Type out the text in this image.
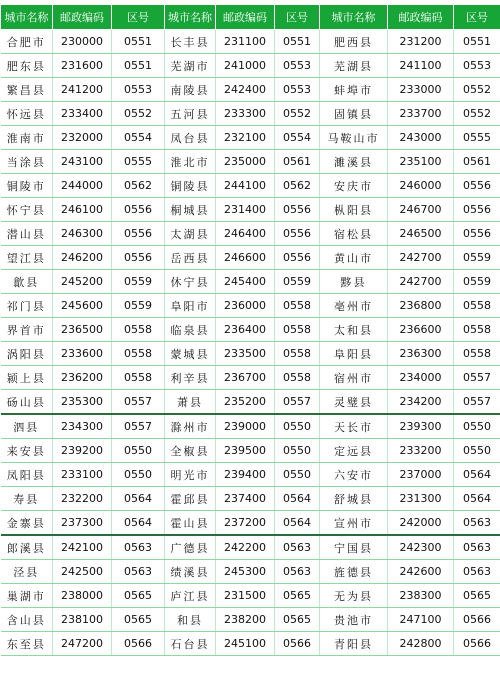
城市名称	邮政编码	区号	城市名称	邮政编码	区号	城市名称	邮政编码	区号
合肥市	230000	0551	长丰县	231100	0551	肥西县	231200	0551
肥东县	231600	0551	芜湖市	241000	0553	芜湖县	241100	0553
繁昌县	241200	0553	南陵县	242400	0553	蚌埠市	233000	0552
怀远县	233400	0552	五河县	233300	0552	固镇县	233700	0552
淮南市	232000	0554	凤台县	232100	0554	马鞍山市	243000	0555
当涂县	243100	0555	淮北市	235000	0561	濉溪县	235100	0561
铜陵市	244000	0562	铜陵县	244100	0562	安庆市	246000	0556
怀宁县	246100	0556	桐城县	231400	0556	枞阳县	246700	0556
潜山县	246300	0556	太湖县	246400	0556	宿松县	246500	0556
望江县	246200	0556	岳西县	246600	0556	黄山市	242700	0559
歙县	245200	0559	休宁县	245400	0559	黟县	242700	0559
祁门县	245600	0559	阜阳市	236000	0558	亳州市	236800	0558
界首市	236500	0558	临泉县	236400	0558	太和县	236600	0558
涡阳县	233600	0558	蒙城县	233500	0558	阜阳县	236300	0558
颍上县	236200	0558	利辛县	236700	0558	宿州市	234000	0557
砀山县	235300	0557	萧县	235200	0557	灵璧县	234200	0557
泗县	234300	0557	滁州市	239000	0550	天长市	239300	0550
来安县	239200	0550	全椒县	239500	0550	定远县	233200	0550
凤阳县	233100	0550	明光市	239400	0550	六安市	237000	0564
寿县	232200	0564	霍邱县	237400	0564	舒城县	231300	0564
金寨县	237300	0564	霍山县	237200	0564	宣州市	242000	0563
郎溪县	242100	0563	广德县	242200	0563	宁国县	242300	0563
泾县	242500	0563	绩溪县	245300	0563	旌德县	242600	0563
巢湖市	238000	0565	庐江县	231500	0565	无为县	238300	0565
含山县	238100	0565	和县	238200	0565	贵池市	247100	0566
东至县	247200	0566	石台县	245100	0566	青阳县	242800	0566
